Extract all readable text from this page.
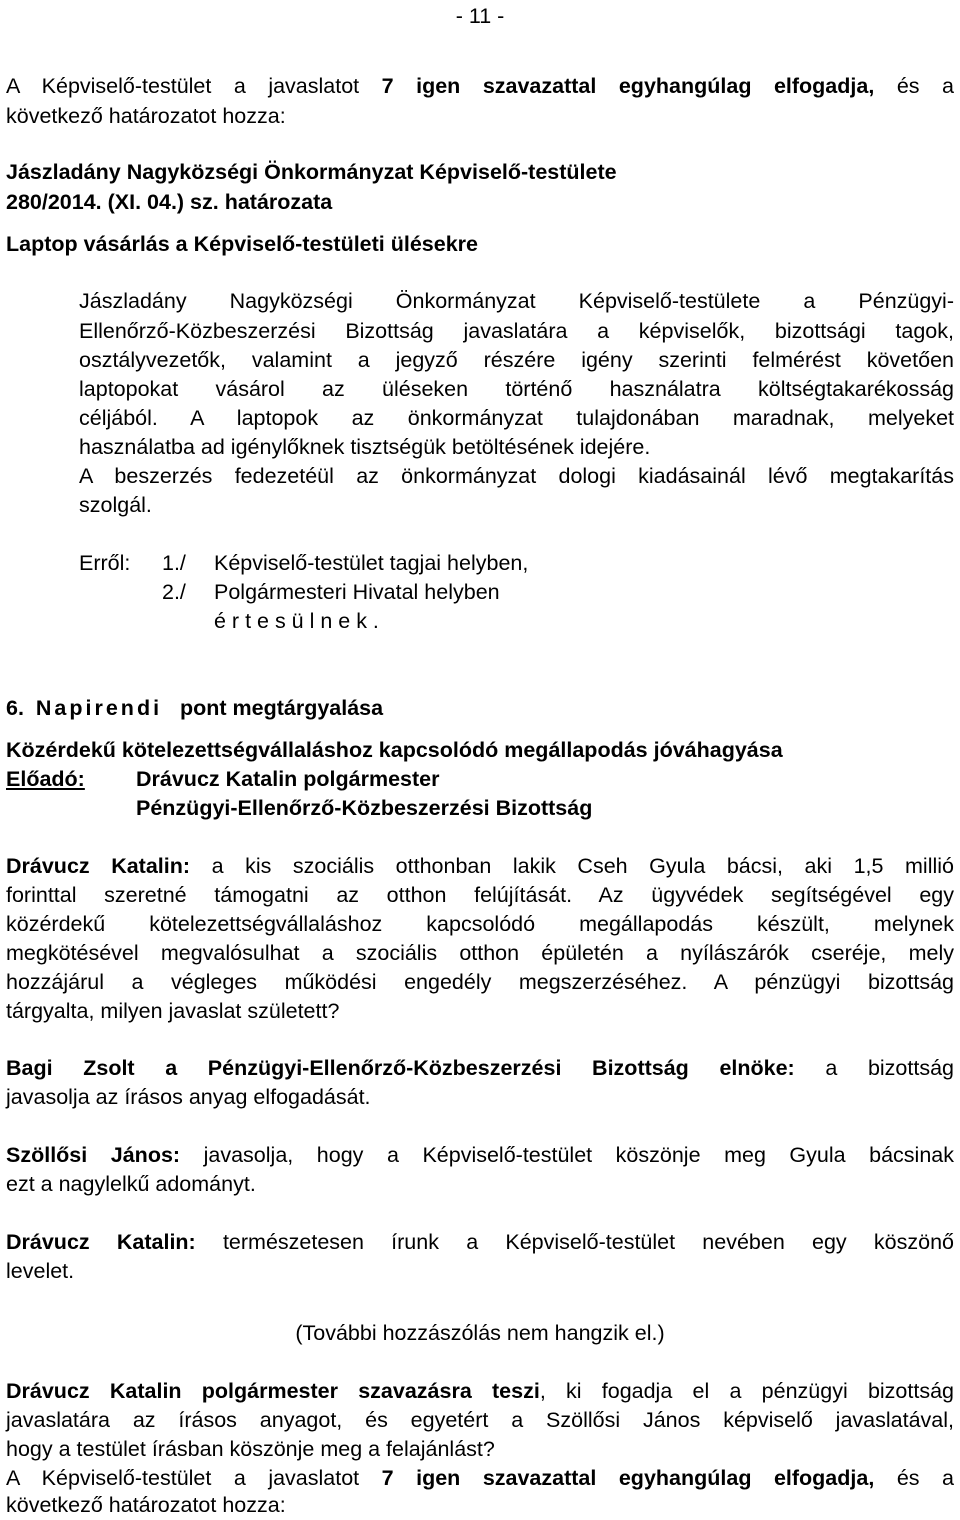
- 11 -
A Képviselő-testület a javaslatot 7 igen szavazattal egyhangúlag elfogadja, és a
következő határozatot hozza:
Jászladány Nagyközségi Önkormányzat Képviselő-testülete
280/2014. (XI. 04.) sz. határozata
Laptop vásárlás a Képviselő-testületi ülésekre
Jászladány Nagyközségi Önkormányzat Képviselő-testülete a Pénzügyi-
Ellenőrző-Közbeszerzési Bizottság javaslatára a képviselők, bizottsági tagok,
osztályvezetők, valamint a jegyző részére igény szerinti felmérést követően
laptopokat vásárol az üléseken történő használatra költségtakarékosság
céljából. A laptopok az önkormányzat tulajdonában maradnak, melyeket
használatba ad igénylőknek tisztségük betöltésének idejére.
A beszerzés fedezetéül az önkormányzat dologi kiadásainál lévő megtakarítás
szolgál.
Erről:	1./	Képviselő-testület tagjai helyben,
2./	Polgármesteri Hivatal helyben
é r t e s ü l n e k .
6. Napirendi pont megtárgyalása
Közérdekű kötelezettségvállaláshoz kapcsolódó megállapodás jóváhagyása
Előadó:	Drávucz Katalin polgármester
Pénzügyi-Ellenőrző-Közbeszerzési Bizottság
Drávucz Katalin: a kis szociális otthonban lakik Cseh Gyula bácsi, aki 1,5 millió
forinttal szeretné támogatni az otthon felújítását. Az ügyvédek segítségével egy
közérdekű kötelezettségvállaláshoz kapcsolódó megállapodás készült, melynek
megkötésével megvalósulhat a szociális otthon épületén a nyílászárók cseréje, mely
hozzájárul a végleges működési engedély megszerzéséhez. A pénzügyi bizottság
tárgyalta, milyen javaslat született?
Bagi Zsolt a Pénzügyi-Ellenőrző-Közbeszerzési Bizottság elnöke: a bizottság
javasolja az írásos anyag elfogadását.
Szöllősi János: javasolja, hogy a Képviselő-testület köszönje meg Gyula bácsinak
ezt a nagylelkű adományt.
Drávucz Katalin: természetesen írunk a Képviselő-testület nevében egy köszönő
levelet.
(További hozzászólás nem hangzik el.)
Drávucz Katalin polgármester szavazásra teszi, ki fogadja el a pénzügyi bizottság
javaslatára az írásos anyagot, és egyetért a Szöllősi János képviselő javaslatával,
hogy a testület írásban köszönje meg a felajánlást?
A Képviselő-testület a javaslatot 7 igen szavazattal egyhangúlag elfogadja, és a
következő határozatot hozza:
